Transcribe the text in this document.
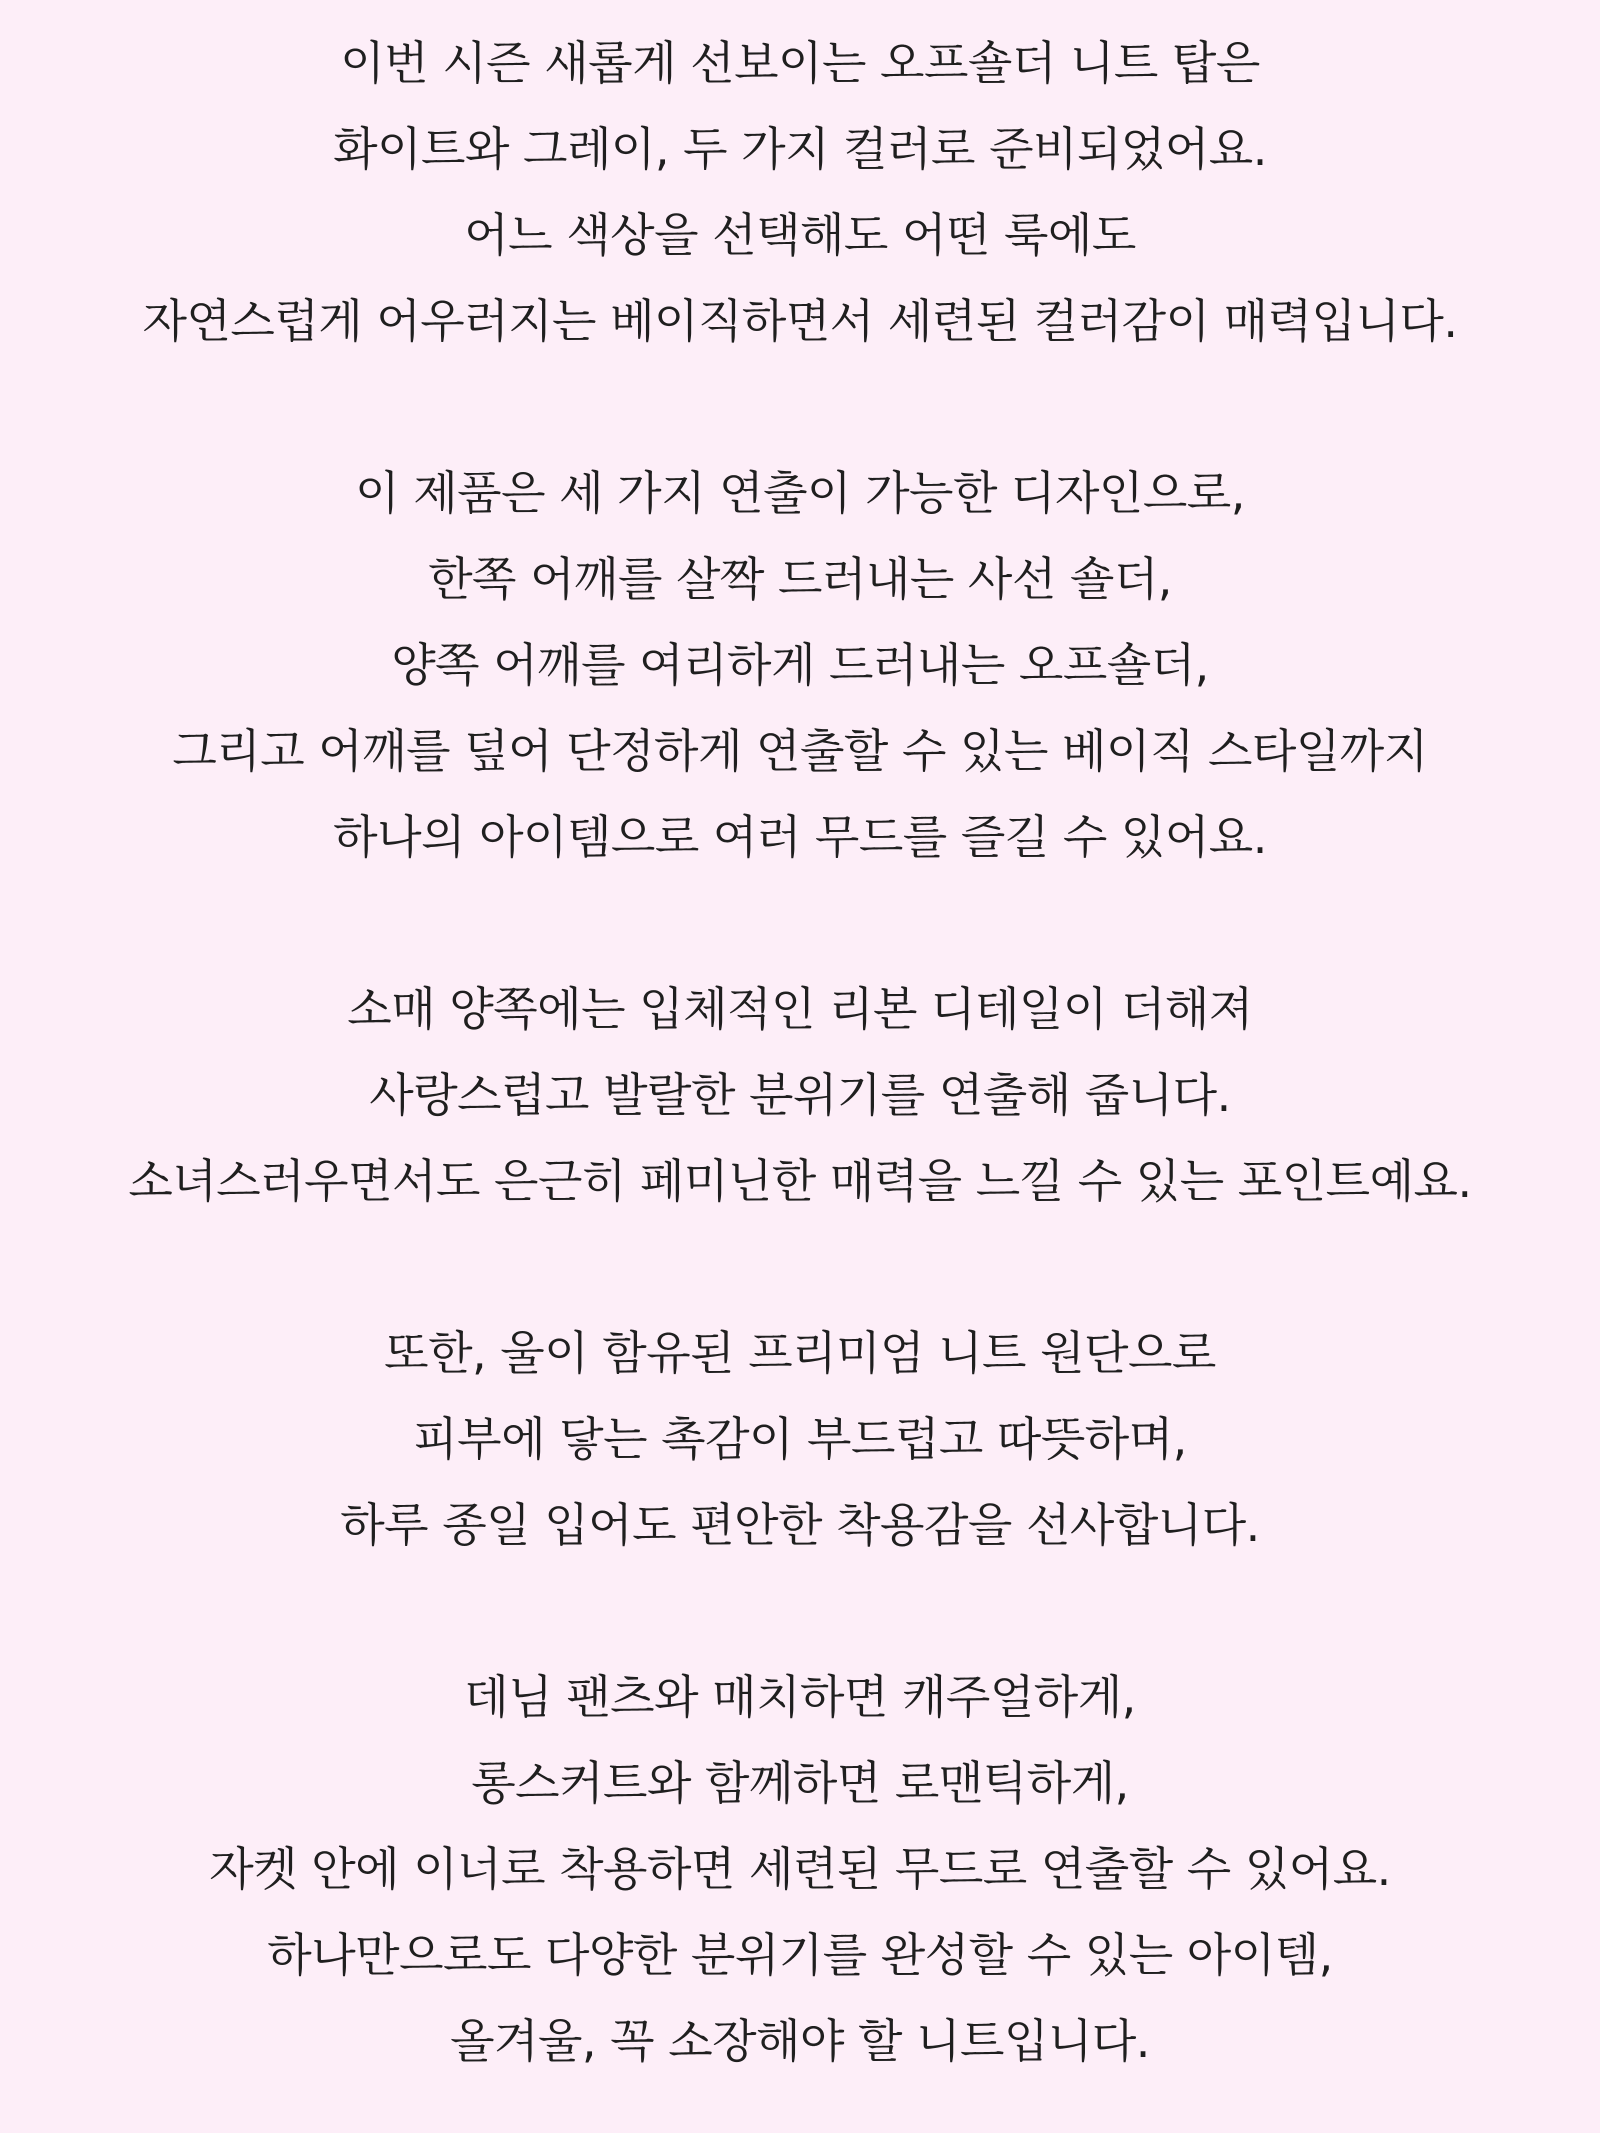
이번 시즌 새롭게 선보이는 오프숄더 니트 탑은
화이트와 그레이, 두 가지 컬러로 준비되었어요.
어느 색상을 선택해도 어떤 룩에도
자연스럽게 어우러지는 베이직하면서 세련된 컬러감이 매력입니다.
이 제품은 세 가지 연출이 가능한 디자인으로,
한쪽 어깨를 살짝 드러내는 사선 숄더,
양쪽 어깨를 여리하게 드러내는 오프숄더,
그리고 어깨를 덮어 단정하게 연출할 수 있는 베이직 스타일까지
하나의 아이템으로 여러 무드를 즐길 수 있어요.
소매 양쪽에는 입체적인 리본 디테일이 더해져
사랑스럽고 발랄한 분위기를 연출해 줍니다.
소녀스러우면서도 은근히 페미닌한 매력을 느낄 수 있는 포인트예요.
또한, 울이 함유된 프리미엄 니트 원단으로
피부에 닿는 촉감이 부드럽고 따뜻하며,
하루 종일 입어도 편안한 착용감을 선사합니다.
데님 팬츠와 매치하면 캐주얼하게,
롱스커트와 함께하면 로맨틱하게,
자켓 안에 이너로 착용하면 세련된 무드로 연출할 수 있어요.
하나만으로도 다양한 분위기를 완성할 수 있는 아이템,
올겨울, 꼭 소장해야 할 니트입니다.
